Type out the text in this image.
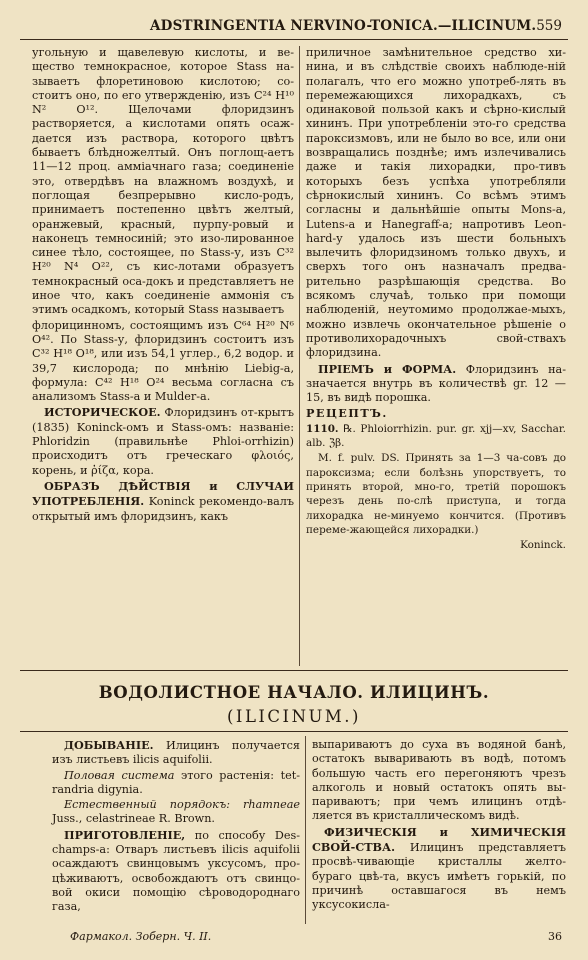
ADSTRINGENTIA NERVINO-TONICA.—ILICINUM. 559

угольную и щавелевую кислоты, и ве-щество темнокрасное, которое Stass на-зываетъ флоретиновою кислотою; со-стоитъ оно, по его утвержденію, изъ C²⁴ H¹⁰ N² O¹². Щелочами флоридзинъ растворяется, а кислотами опять осаж-дается изъ раствора, которого цвѣтъ бываетъ блѣдножелтый. Онъ поглощ-аетъ 11—12 проц. амміачнаго газа; соединеніе это, отвердѣвъ на влажномъ воздухѣ, и поглощая безпрерывно кисло-родъ, принимаетъ постепенно цвѣтъ желтый, оранжевый, красный, пурпу-ровый и наконецъ темносиній; это изо-лированное синее тѣло, состоящее, по Stass-у, изъ C³² H²⁰ N⁴ O²², съ кис-лотами образуетъ темнокрасный оса-докъ и представляетъ не иное что, какъ соединеніе аммонія съ этимъ осадкомъ, который Stass называетъ

флорицинномъ, состоящимъ изъ C⁶⁴ H²⁰ N⁶ O⁴². По Stass-у, флоридзинъ состоитъ изъ C³² H¹⁸ O¹⁸, или изъ 54,1 углер., 6,2 водор. и 39,7 кислорода; по мнѣнію Liebig-а, формула: C⁴² H¹⁸ O²⁴ весьма согласна съ анализомъ Stass-а и Mulder-а.

ИСТОРИЧЕСКОЕ. Флоридзинъ от-крытъ (1835) Koninck-омъ и Stass-омъ: названіе: Phloridzin (правильнѣе Phloi-orrhizin) происходитъ отъ греческаго φλοιός, корень, и ῥίζα, кора.

ОБРАЗЪ ДѢЙСТВІЯ и СЛУЧАИ УПОТРЕБЛЕНІЯ. Koninck рекомендо-валъ открытый имъ флоридзинъ, какъ

приличное замѣнительное средство хи-нина, и въ слѣдствіе своихъ наблюде-ній полагалъ, что его можно употреб-лять въ перемежающихся лихорадкахъ, съ одинаковой пользой какъ и сѣрно-кислый хининъ. При употребленіи это-го средства пароксизмовъ, или не было во все, или они возвращались позднѣе; имъ излечивались даже и такія лихорадки, про-тивъ которыхъ безъ успѣха употребляли сѣрнокислый хининъ. Со всѣмъ этимъ согласны и дальнѣйшіе опыты Mons-а, Lutens-а и Hanegraff-а; напротивъ Leon-hard-у удалось изъ шести больныхъ вылечить флоридзиномъ только двухъ, и сверхъ того онъ назначалъ предва-рительно разрѣшающія средства. Во всякомъ случаѣ, только при помощи наблюденій, неутомимо продолжае-мыхъ, можно извлечь окончательное рѣшеніе о противолихорадочныхъ свой-ствахъ флоридзина.

ПРІЕМЪ и ФОРМА. Флоридзинъ на-значается внутрь въ количествѣ gr. 12 —15, въ видѣ порошка.

РЕЦЕПТЪ.

1110. ℞. Phloiorrhizin. pur. gr. xjj—xv, Sacchar. alb. ℨβ.

M. f. pulv. DS. Принять за 1—3 ча-совъ до пароксизма; если болѣзнь упорствуетъ, то принять второй, мно-го, третій порошокъ черезъ день по-слѣ приступа, и тогда лихорадка не-минуемо кончится. (Противъ переме-жающейся лихорадки.)

Koninck.

ВОДОЛИСТНОЕ НАЧАЛО. ИЛИЦИНЪ.
(ILICINUM.)

ДОБЫВАНІЕ. Илицинъ получается изъ листьевъ ilicis aquifolii.

Половая система этого растенія: tet-randria digynia.

Естественный порядокъ: rhamneae Juss., celastrineae R. Brown.

ПРИГОТОВЛЕНІЕ, по способу Des-champs-а: Отваръ листьевъ ilicis aquifolii осаждаютъ свинцовымъ уксусомъ, про-цѣживаютъ, освобождаютъ отъ свинцо-вой окиси помощію сѣроводороднаго газа,

выпариваютъ до суха въ водяной банѣ, остатокъ вываривають въ водѣ, потомъ большую часть его перегоняютъ чрезъ алкоголь и новый остатокъ опять вы-париваютъ; при чемъ илицинъ отдѣ-ляется въ кристаллическомъ видѣ.

ФИЗИЧЕСКІЯ и ХИМИЧЕСКІЯ СВОЙ-СТВА. Илицинъ представляетъ просвѣ-чивающіе кристаллы желто-бураго цвѣ-та, вкусъ имѣетъ горькій, по причинѣ оставшагося въ немъ уксусокисла-

Фармакол. Зоберн. Ч. II.	36
